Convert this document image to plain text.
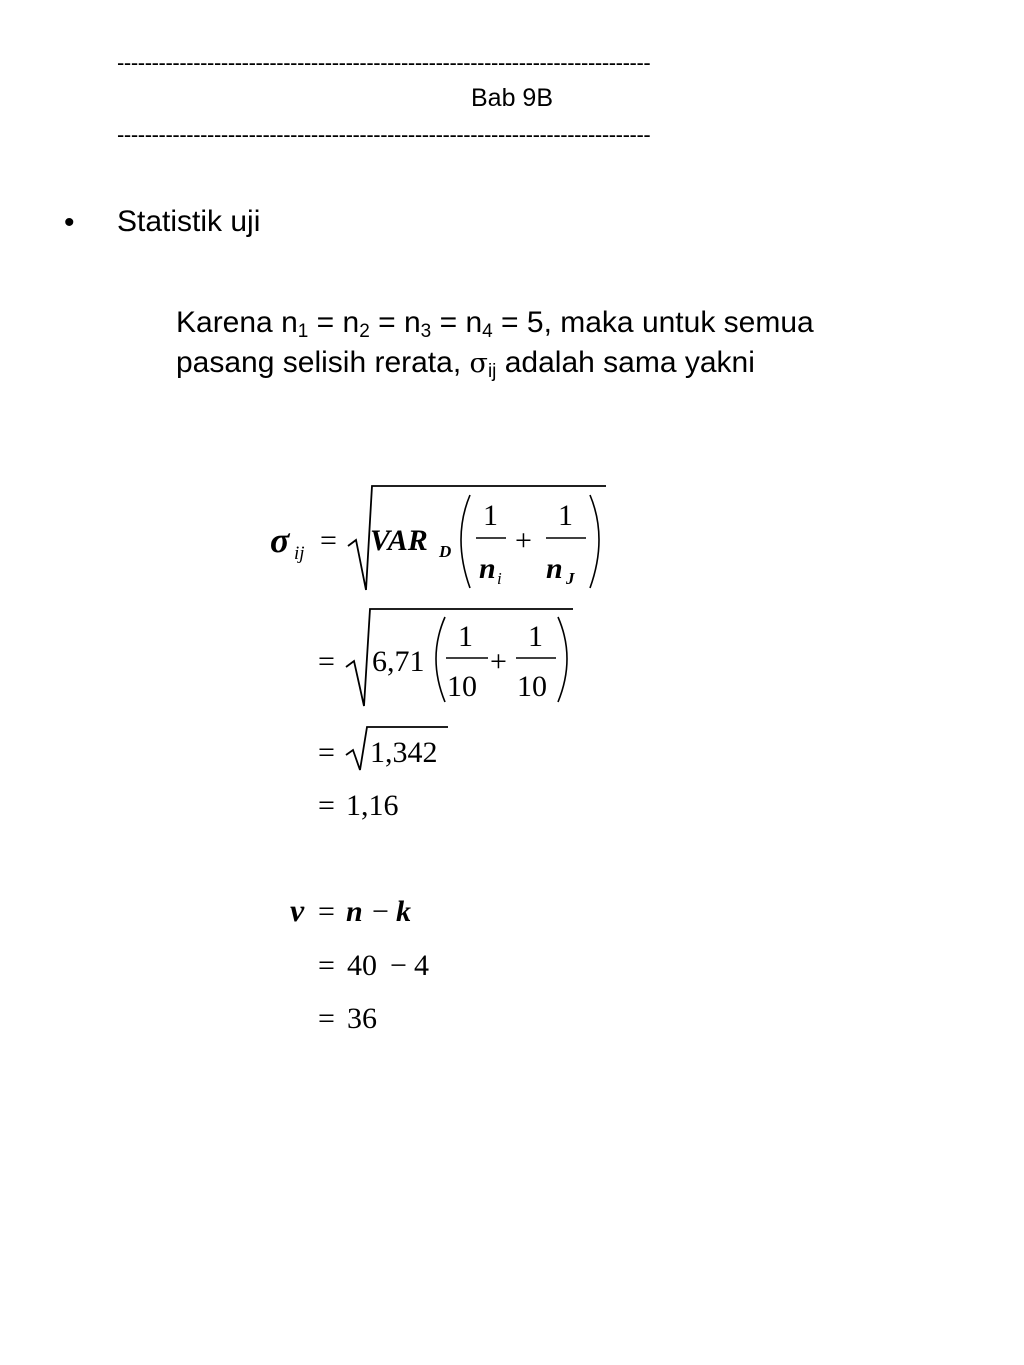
-----------------------------------------------------------------------------
Bab 9B
-----------------------------------------------------------------------------
• Statistik uji
Karena $n_1 = n_2 = n_3 = n_4 = 5$, maka untuk semua pasang selisih rerata, $\sigma_{ij}$ adalah sama yakni
σ ij = VAR D
1
n i
+
1
n J
= 6,71
1
10
+
1
10
= 1,342
= 1,16
ν = n − k
= 40 − 4
= 36
